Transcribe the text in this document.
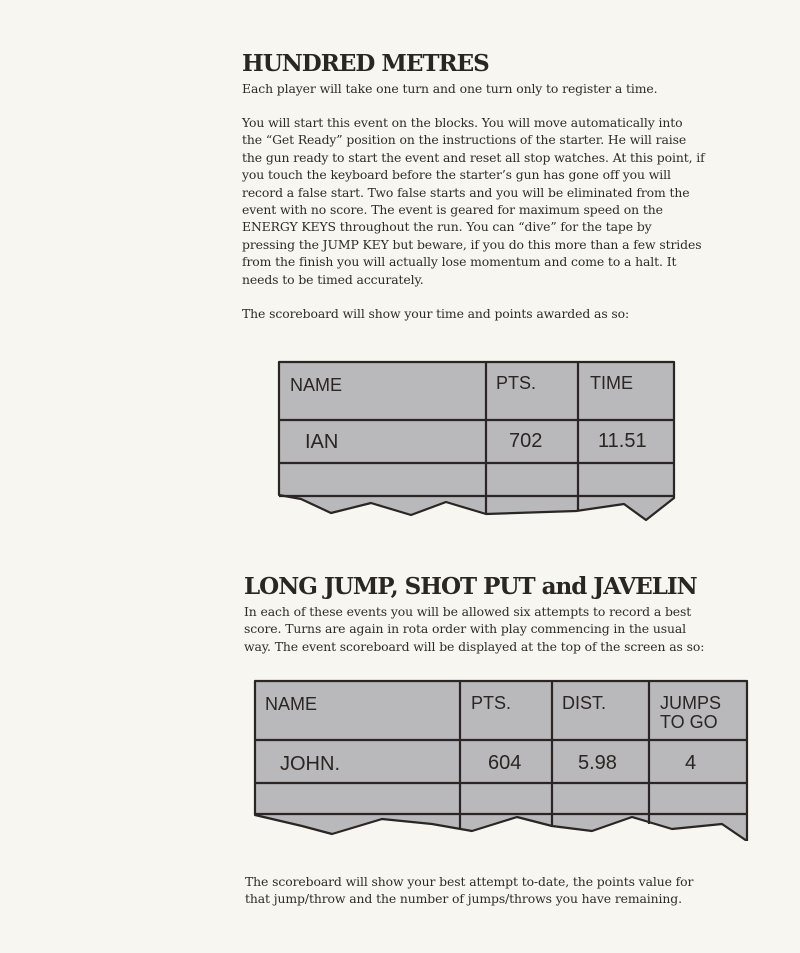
HUNDRED METRES

Each player will take one turn and one turn only to register a time.

You will start this event on the blocks. You will move automatically into
the “Get Ready” position on the instructions of the starter. He will raise
the gun ready to start the event and reset all stop watches. At this point, if
you touch the keyboard before the starter’s gun has gone off you will
record a false start. Two false starts and you will be eliminated from the
event with no score. The event is geared for maximum speed on the
ENERGY KEYS throughout the run. You can “dive” for the tape by
pressing the JUMP KEY but beware, if you do this more than a few strides
from the finish you will actually lose momentum and come to a halt. It
needs to be timed accurately.

The scoreboard will show your time and points awarded as so:

NAME	PTS.	TIME
IAN	702	11.51
LONG JUMP, SHOT PUT and JAVELIN
In each of these events you will be allowed six attempts to record a best
score. Turns are again in rota order with play commencing in the usual
way. The event scoreboard will be displayed at the top of the screen as so:
NAME	PTS.	DIST.	JUMPS
TO GO
JOHN.	604	5.98	4
The scoreboard will show your best attempt to-date, the points value for
that jump/throw and the number of jumps/throws you have remaining.
